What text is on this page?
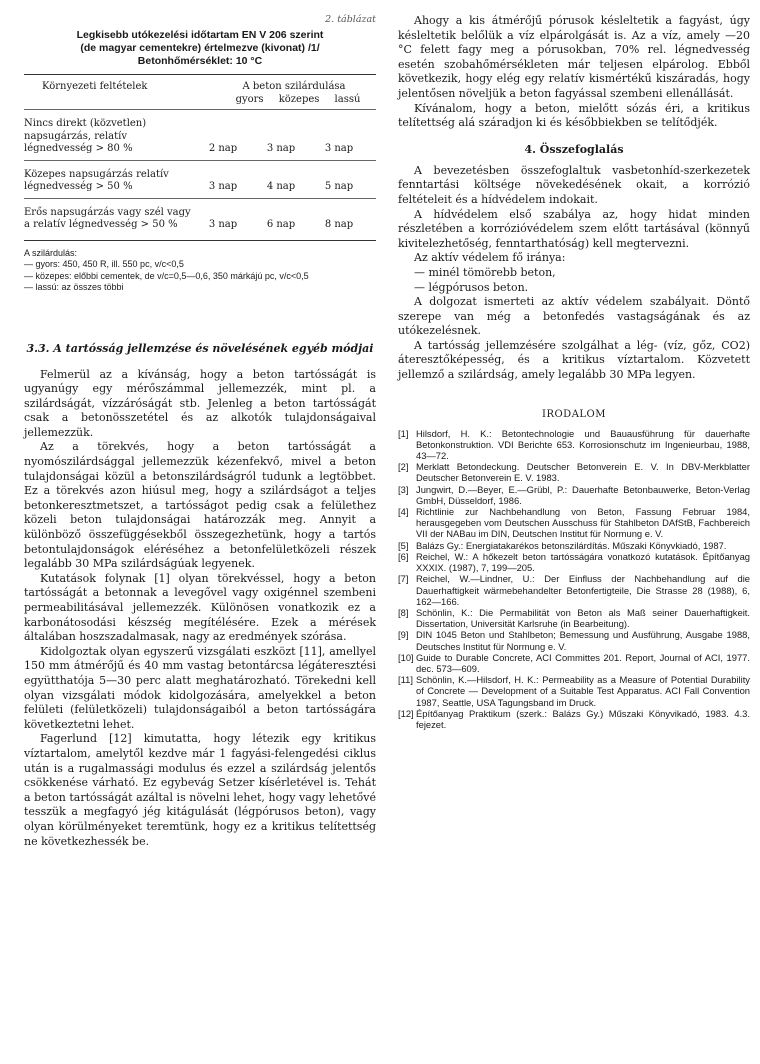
2. táblázat
Legkisebb utókezelési időtartam EN V 206 szerint
(de magyar cementekre) értelmezve (kivonat) /1/
Betonhőmérséklet: 10 °C
Környezeti feltételek	A beton szilárdulása
gyors közepes lassú
Nincs direkt (közvetlen) napsugárzás, relatív légnedvesség > 80 %	2 nap	3 nap	3 nap
Közepes napsugárzás relatív légnedvesség > 50 %	3 nap	4 nap	5 nap
Erős napsugárzás vagy szél vagy a relatív légnedvesség > 50 %	3 nap	6 nap	8 nap
A szilárdulás:
— gyors: 450, 450 R, ill. 550 pc, v/c<0,5
— közepes: előbbi cementek, de v/c=0,5—0,6, 350 márkájú pc, v/c<0,5
— lassú: az összes többi
3.3. A tartósság jellemzése és növelésének egyéb módjai

Felmerül az a kívánság, hogy a beton tartósságát is ugyanúgy egy mérőszámmal jellemezzék, mint pl. a szilárdságát, vízzáróságát stb. Jelenleg a beton tartósságát csak a betonösszetétel és az alkotók tulajdonságaival jellemezzük.

Az a törekvés, hogy a beton tartósságát a nyomószilárdsággal jellemezzük kézenfekvő, mivel a beton tulajdonságai közül a betonszilárdságról tudunk a legtöbbet. Ez a törekvés azon hiúsul meg, hogy a szilárdságot a teljes betonkeresztmetszet, a tartósságot pedig csak a felülethez közeli beton tulajdonságai határozzák meg. Annyit a különböző összefüggésekből összegezhetünk, hogy a tartós betontulajdonságok eléréséhez a betonfelületközeli részek legalább 30 MPa szilárdságúak legyenek.

Kutatások folynak [1] olyan törekvéssel, hogy a beton tartósságát a betonnak a levegővel vagy oxigénnel szembeni permeabilitásával jellemezzék. Különösen vonatkozik ez a karbonátosodási készség megítélésére. Ezek a mérések általában hoszszadalmasak, nagy az eredmények szórása.

Kidolgoztak olyan egyszerű vizsgálati eszközt [11], amellyel 150 mm átmérőjű és 40 mm vastag betontárcsa légáteresztési együtthatója 5—30 perc alatt meghatározható. Törekedni kell olyan vizsgálati módok kidolgozására, amelyekkel a beton felületi (felületközeli) tulajdonságaiból a beton tartósságára következtetni lehet.

Fagerlund [12] kimutatta, hogy létezik egy kritikus víztartalom, amelytől kezdve már 1 fagyási-felengedési ciklus után is a rugalmassági modulus és ezzel a szilárdság jelentős csökkenése várható. Ez egybevág Setzer kísérletével is. Tehát a beton tartósságát azáltal is növelni lehet, hogy vagy lehetővé tesszük a megfagyó jég kitágulását (légpórusos beton), vagy olyan körülményeket teremtünk, hogy ez a kritikus telítettség ne következhessék be.

Ahogy a kis átmérőjű pórusok késleltetik a fagyást, úgy késleltetik belőlük a víz elpárolgását is. Az a víz, amely —20 °C felett fagy meg a pórusokban, 70% rel. légnedvesség esetén szobahőmérsékleten már teljesen elpárolog. Ebből következik, hogy elég egy relatív kismértékű kiszáradás, hogy jelentősen növeljük a beton fagyással szembeni ellenállását.

Kívánalom, hogy a beton, mielőtt sózás éri, a kritikus telítettség alá száradjon ki és későbbiekben se telítődjék.

4. Összefoglalás

A bevezetésben összefoglaltuk vasbetonhíd-szerkezetek fenntartási költsége növekedésének okait, a korrózió feltételeit és a hídvédelem indokait.

A hídvédelem első szabálya az, hogy hidat minden részletében a korrózióvédelem szem előtt tartásával (könnyű kivitelezhetőség, fenntarthatóság) kell megtervezni.

Az aktív védelem fő iránya:

— minél tömörebb beton,
— légpórusos beton.

A dolgozat ismerteti az aktív védelem szabályait. Döntő szerepe van még a betonfedés vastagságának és az utókezelésnek.

A tartósság jellemzésére szolgálhat a lég- (víz, gőz, CO2) áteresztőképesség, és a kritikus víztartalom. Közvetett jellemző a szilárdság, amely legalább 30 MPa legyen.

IRODALOM
[1] Hilsdorf, H. K.: Betontechnologie und Bauausführung für dauerhafte Betonkonstruktion. VDI Berichte 653. Korrosionschutz im Ingenieurbau, 1988, 43—72.
[2] Merklatt Betondeckung. Deutscher Betonverein E. V. In DBV-Merkblatter Deutscher Betonverein E. V. 1983.
[3] Jungwirt, D.—Beyer, E.—Grübl, P.: Dauerhafte Betonbauwerke, Beton-Verlag GmbH, Düsseldorf, 1986.
[4] Richtlinie zur Nachbehandlung von Beton, Fassung Februar 1984, herausgegeben vom Deutschen Ausschuss für Stahlbeton DAfStB, Fachbereich VII der NABau im DIN, Deutschen Institut für Normung e. V.
[5] Balázs Gy.: Energiatakarékos betonszilárdítás. Műszaki Könyvkiadó, 1987.
[6] Reichel, W.: A hőkezelt beton tartósságára vonatkozó kutatások. Építőanyag XXXIX. (1987), 7, 199—205.
[7] Reichel, W.—Lindner, U.: Der Einfluss der Nachbehandlung auf die Dauerhaftigkeit wärmebehandelter Betonfertigteile, Die Strasse 28 (1988), 6, 162—166.
[8] Schönlin, K.: Die Permabilität von Beton als Maß seiner Dauerhaftigkeit. Dissertation, Universität Karlsruhe (in Bearbeitung).
[9] DIN 1045 Beton und Stahlbeton; Bemessung und Ausführung, Ausgabe 1988, Deutsches Institut für Normung e. V.
[10] Guide to Durable Concrete, ACI Committes 201. Report, Journal of ACI, 1977. dec. 573—609.
[11] Schönlin, K.—Hilsdorf, H. K.: Permeability as a Measure of Potential Durability of Concrete — Development of a Suitable Test Apparatus. ACI Fall Convention 1987, Seattle, USA Tagungsband im Druck.
[12] Építőanyag Praktikum (szerk.: Balázs Gy.) Műszaki Könyvikadó, 1983. 4.3. fejezet.
